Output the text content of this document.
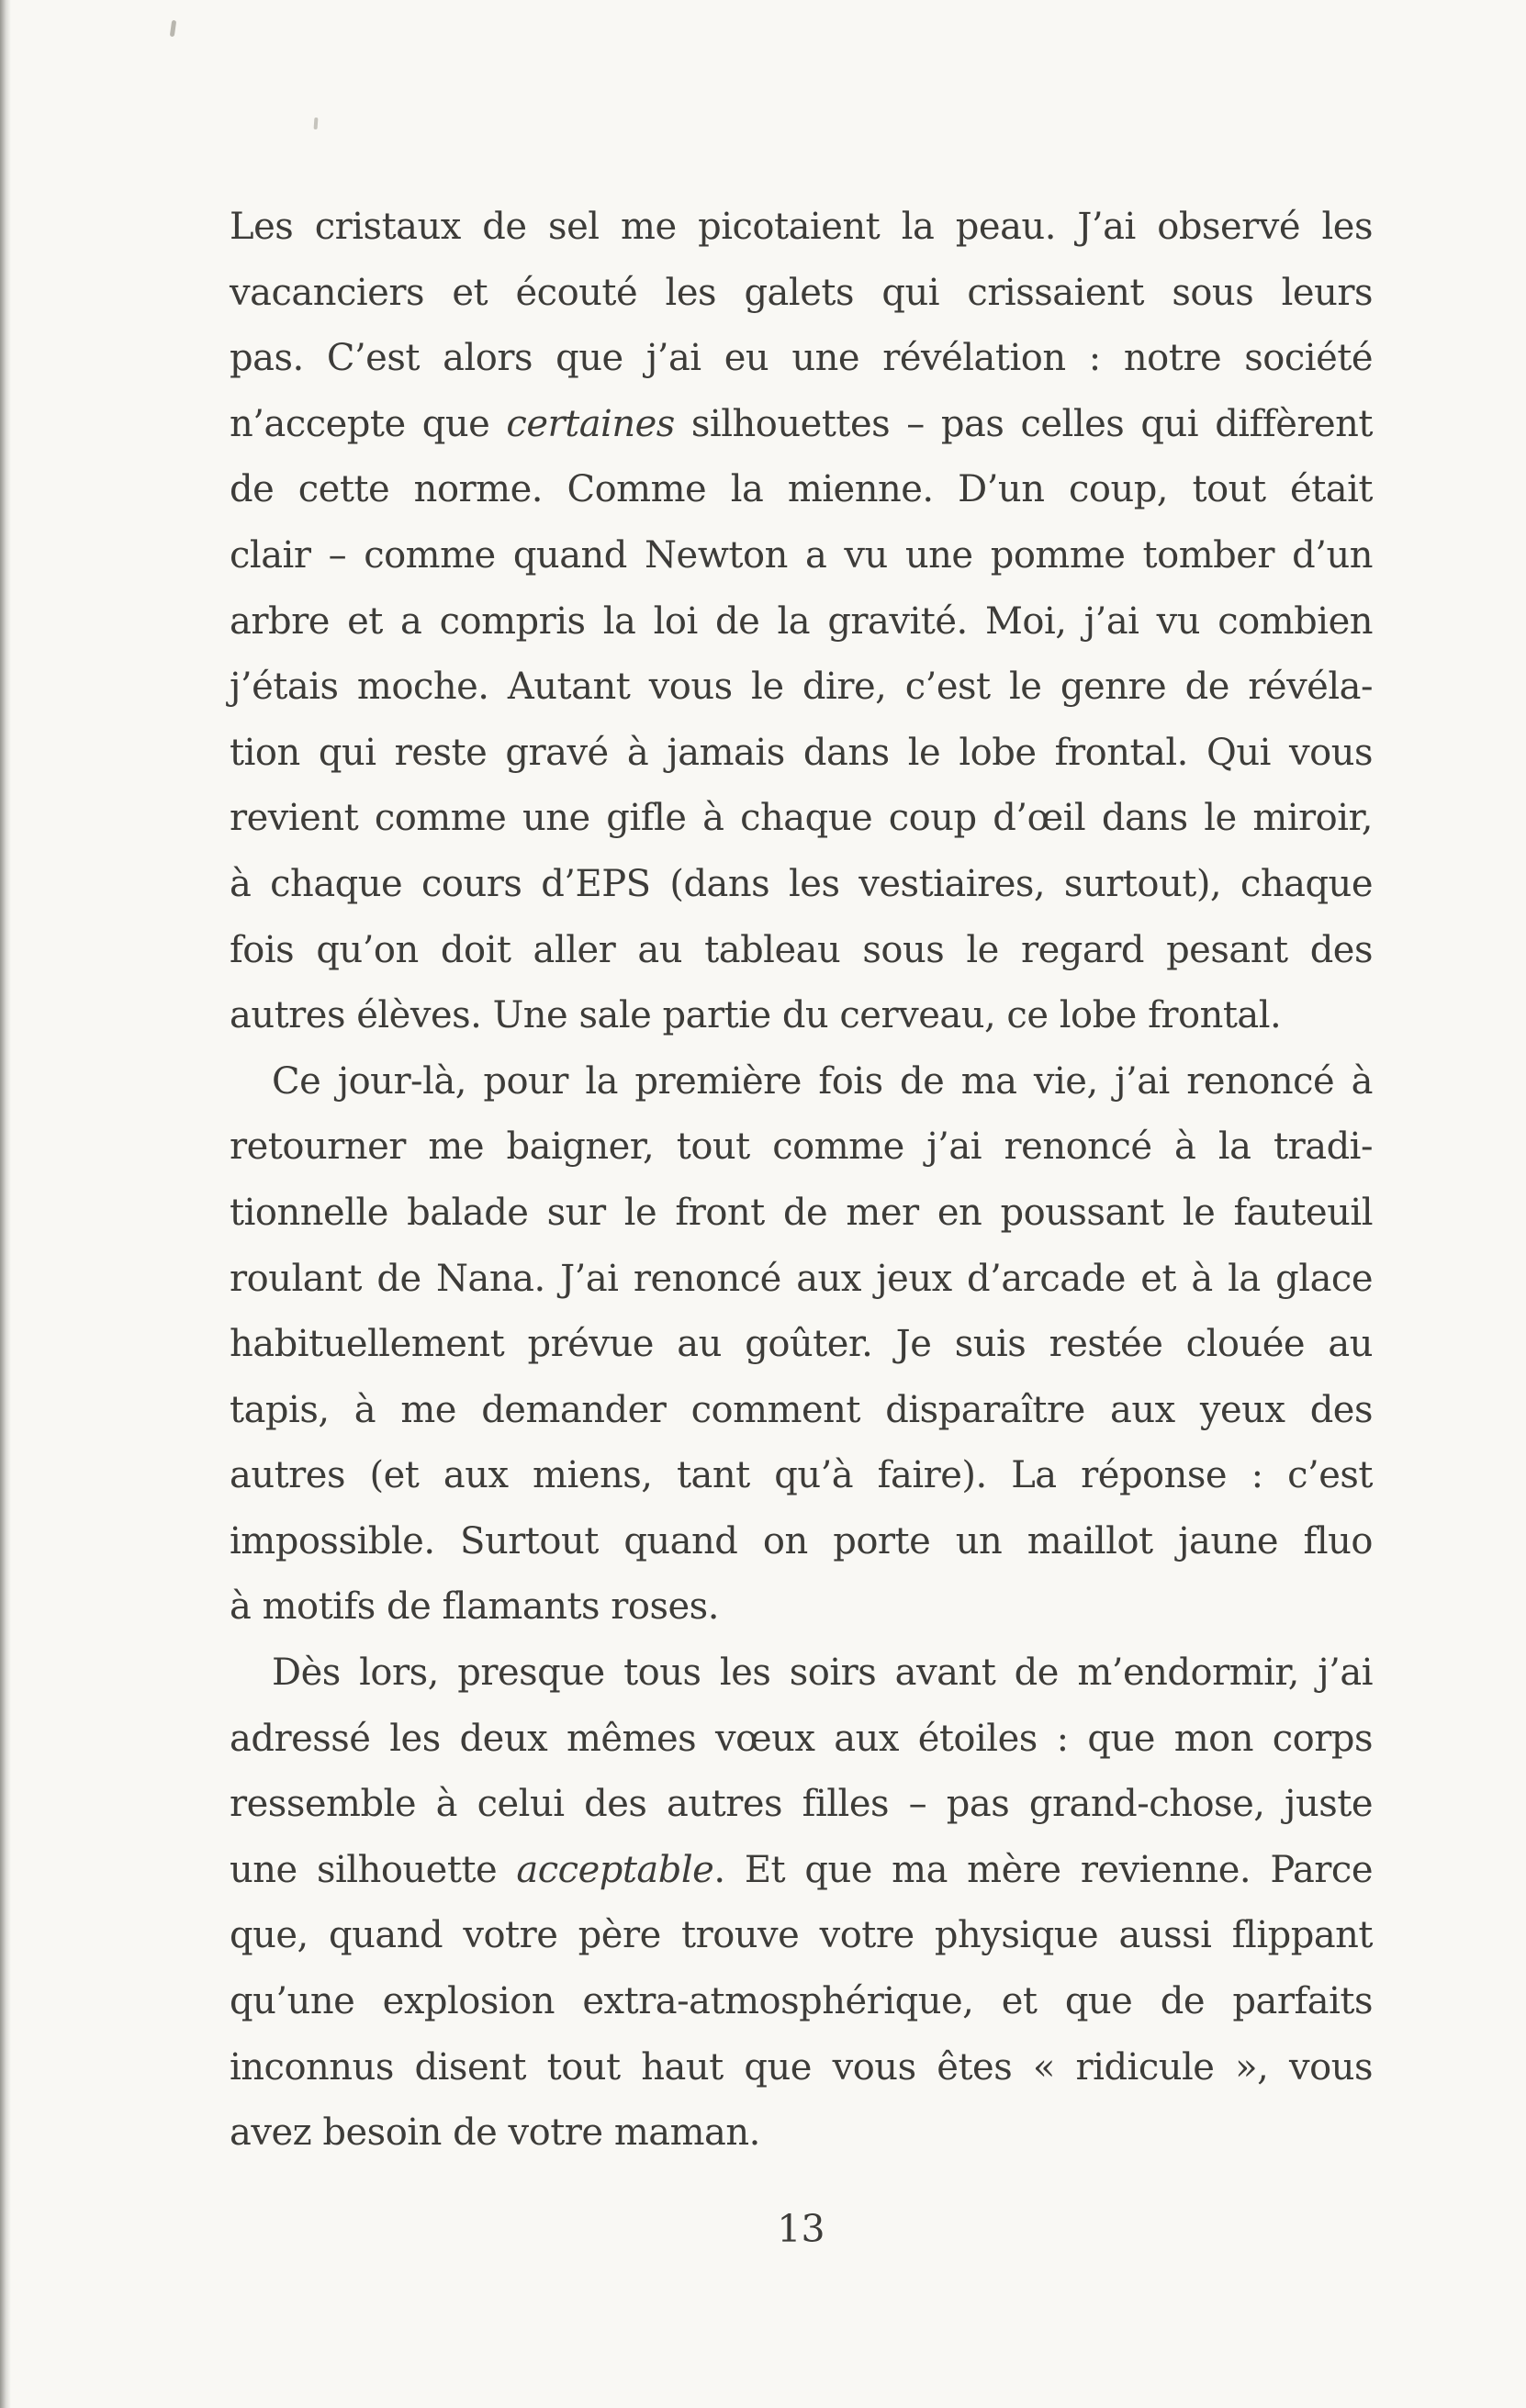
Les cristaux de sel me picotaient la peau. J’ai observé les
vacanciers et écouté les galets qui crissaient sous leurs
pas. C’est alors que j’ai eu une révélation : notre société
n’accepte que certaines silhouettes – pas celles qui diffèrent
de cette norme. Comme la mienne. D’un coup, tout était
clair – comme quand Newton a vu une pomme tomber d’un
arbre et a compris la loi de la gravité. Moi, j’ai vu combien
j’étais moche. Autant vous le dire, c’est le genre de révéla-
tion qui reste gravé à jamais dans le lobe frontal. Qui vous
revient comme une gifle à chaque coup d’œil dans le miroir,
à chaque cours d’EPS (dans les vestiaires, surtout), chaque
fois qu’on doit aller au tableau sous le regard pesant des
autres élèves. Une sale partie du cerveau, ce lobe frontal.
Ce jour-là, pour la première fois de ma vie, j’ai renoncé à
retourner me baigner, tout comme j’ai renoncé à la tradi-
tionnelle balade sur le front de mer en poussant le fauteuil
roulant de Nana. J’ai renoncé aux jeux d’arcade et à la glace
habituellement prévue au goûter. Je suis restée clouée au
tapis, à me demander comment disparaître aux yeux des
autres (et aux miens, tant qu’à faire). La réponse : c’est
impossible. Surtout quand on porte un maillot jaune fluo
à motifs de flamants roses.
Dès lors, presque tous les soirs avant de m’endormir, j’ai
adressé les deux mêmes vœux aux étoiles : que mon corps
ressemble à celui des autres filles – pas grand-chose, juste
une silhouette acceptable. Et que ma mère revienne. Parce
que, quand votre père trouve votre physique aussi flippant
qu’une explosion extra-atmosphérique, et que de parfaits
inconnus disent tout haut que vous êtes « ridicule », vous
avez besoin de votre maman.
13
